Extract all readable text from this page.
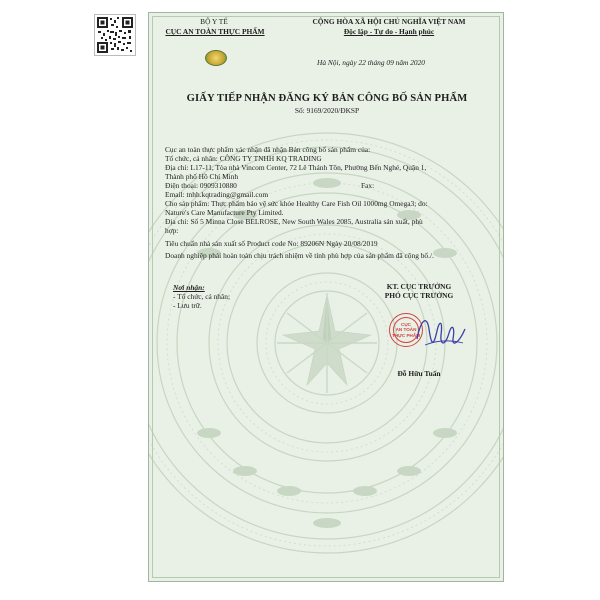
BỘ Y TẾ
CỤC AN TOÀN THỰC PHẨM
CỘNG HÒA XÃ HỘI CHỦ NGHĨA VIỆT NAM
Độc lập - Tự do - Hạnh phúc
Hà Nội, ngày 22 tháng 09 năm 2020
GIẤY TIẾP NHẬN ĐĂNG KÝ BẢN CÔNG BỐ SẢN PHẨM
Số: 9169/2020/ĐKSP
Cục an toàn thực phẩm xác nhận đã nhận Bản công bố sản phẩm của:
Tổ chức, cá nhân: CÔNG TY TNHH KQ TRADING
Địa chỉ: L17-11, Tòa nhà Vincom Center, 72 Lê Thánh Tôn, Phường Bến Nghé, Quận 1,
Thành phố Hồ Chí Minh
Điện thoại: 0909310880	Fax:
Email: tnhh.kqtrading@gmail.com
Cho sản phẩm: Thực phẩm bảo vệ sức khỏe Healthy Care Fish Oil 1000mg Omega3; do:
Nature's Care Manufacture Pty Limited.
Địa chỉ: Số 5 Minna Close BELROSE, New South Wales 2085, Australia sản xuất, phù
hợp:
Tiêu chuẩn nhà sản xuất số Product code No: 89206N Ngày 20/08/2019
Doanh nghiệp phải hoàn toàn chịu trách nhiệm về tính phù hợp của sản phẩm đã công bố./.
Nơi nhận:
- Tổ chức, cá nhân;
- Lưu trữ.
KT. CỤC TRƯỞNG
PHÓ CỤC TRƯỞNG
CỤC
AN TOÀN
THỰC PHẨM
Đỗ Hữu Tuấn
